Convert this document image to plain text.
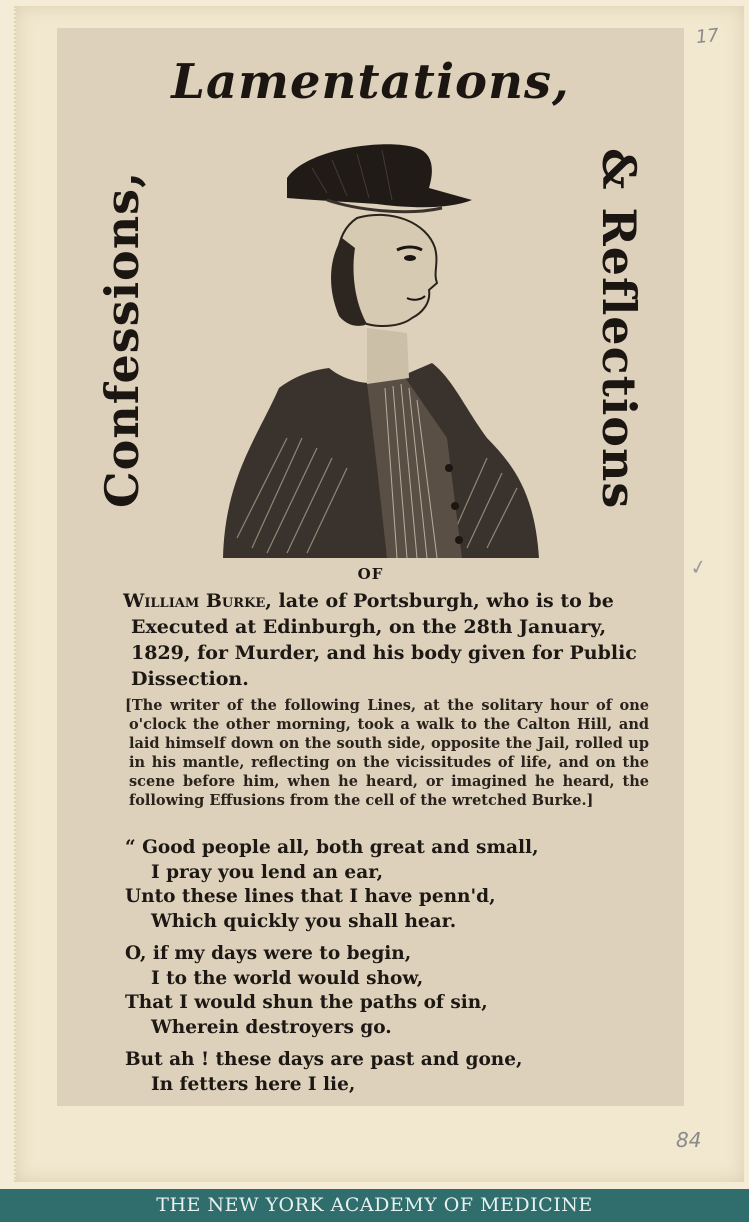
17
✓
Lamentations,
Confessions,	& Reflections
OF
William Burke, late of Portsburgh, who is to be Executed at Edinburgh, on the 28th January, 1829, for Murder, and his body given for Public Dissection.
[The writer of the following Lines, at the solitary hour of one o'clock the other morning, took a walk to the Calton Hill, and laid himself down on the south side, opposite the Jail, rolled up in his mantle, reflecting on the vicissitudes of life, and on the scene before him, when he heard, or imagined he heard, the following Effusions from the cell of the wretched Burke.]
“ Good people all, both great and small,
I pray you lend an ear,
Unto these lines that I have penn'd,
Which quickly you shall hear.
O, if my days were to begin,
I to the world would show,
That I would shun the paths of sin,
Wherein destroyers go.
But ah ! these days are past and gone,
In fetters here I lie,
84
THE NEW YORK ACADEMY OF MEDICINE
